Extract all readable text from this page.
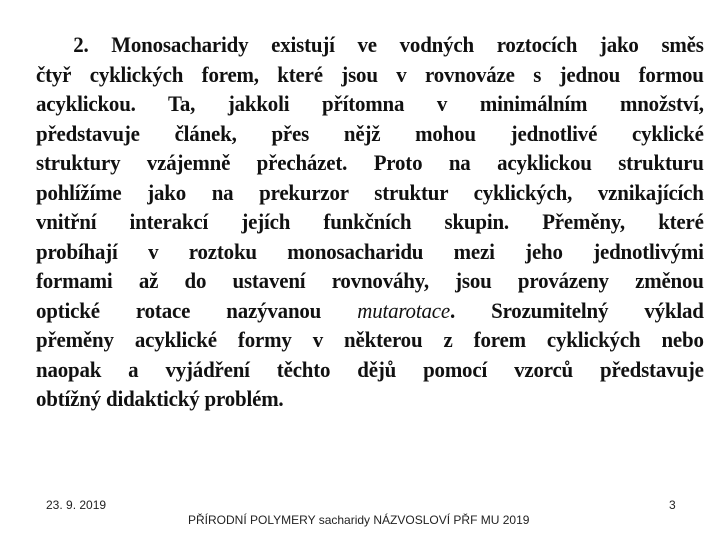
2. Monosacharidy existují ve vodných roztocích jako směs
čtyř cyklických forem, které jsou v rovnováze s jednou formou
acyklickou. Ta, jakkoli přítomna v minimálním množství,
představuje článek, přes nějž mohou jednotlivé cyklické
struktury vzájemně přecházet. Proto na acyklickou strukturu
pohlížíme jako na prekurzor struktur cyklických, vznikajících
vnitřní interakcí jejích funkčních skupin. Přeměny, které
probíhají v roztoku monosacharidu mezi jeho jednotlivými
formami až do ustavení rovnováhy, jsou provázeny změnou
optické rotace nazývanou mutarotace. Srozumitelný výklad
přeměny acyklické formy v některou z forem cyklických nebo
naopak a vyjádření těchto dějů pomocí vzorců představuje
obtížný didaktický problém.
23. 9. 2019
PŘÍRODNÍ POLYMERY sacharidy NÁZVOSLOVÍ PŘF MU 2019
3
